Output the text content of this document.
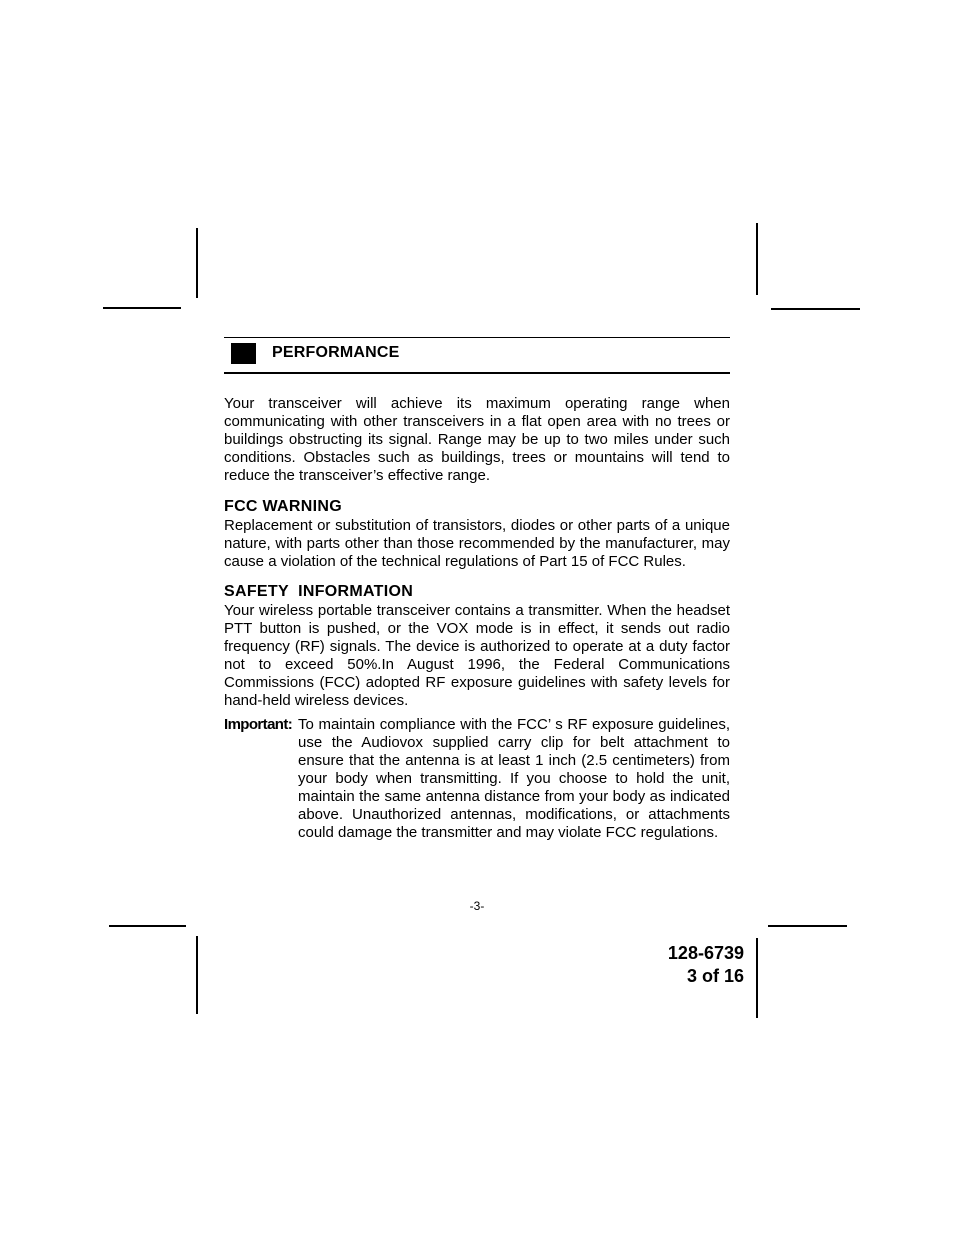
PERFORMANCE
Your transceiver will achieve its maximum operating range when communicating with other transceivers in a flat open area with no trees or buildings obstructing its signal. Range may be up to two miles under such conditions. Obstacles such as buildings, trees or mountains will tend to reduce the transceiver’s effective range.
FCC WARNING
Replacement or substitution of transistors, diodes or other parts of a unique nature, with parts other than those recommended by the manufacturer, may cause a violation of the technical regulations of Part 15 of FCC Rules.
SAFETY  INFORMATION
Your wireless portable transceiver contains a transmitter. When the headset PTT button is pushed, or the VOX mode is in effect, it sends out radio frequency (RF) signals. The device is authorized to operate at a duty factor not to exceed 50%.In August 1996, the Federal Communications Commissions (FCC) adopted RF exposure guidelines with safety levels for hand-held wireless devices.
Important: To maintain compliance with the FCC’ s RF exposure guidelines, use the Audiovox supplied carry clip for belt attachment to ensure that the antenna is at least 1 inch (2.5 centimeters) from your body when transmitting. If you choose to hold the unit, maintain the same antenna distance from your body as indicated above. Unauthorized antennas, modifications, or attachments could damage the transmitter and may violate FCC regulations.
-3-
128-6739
3 of 16
